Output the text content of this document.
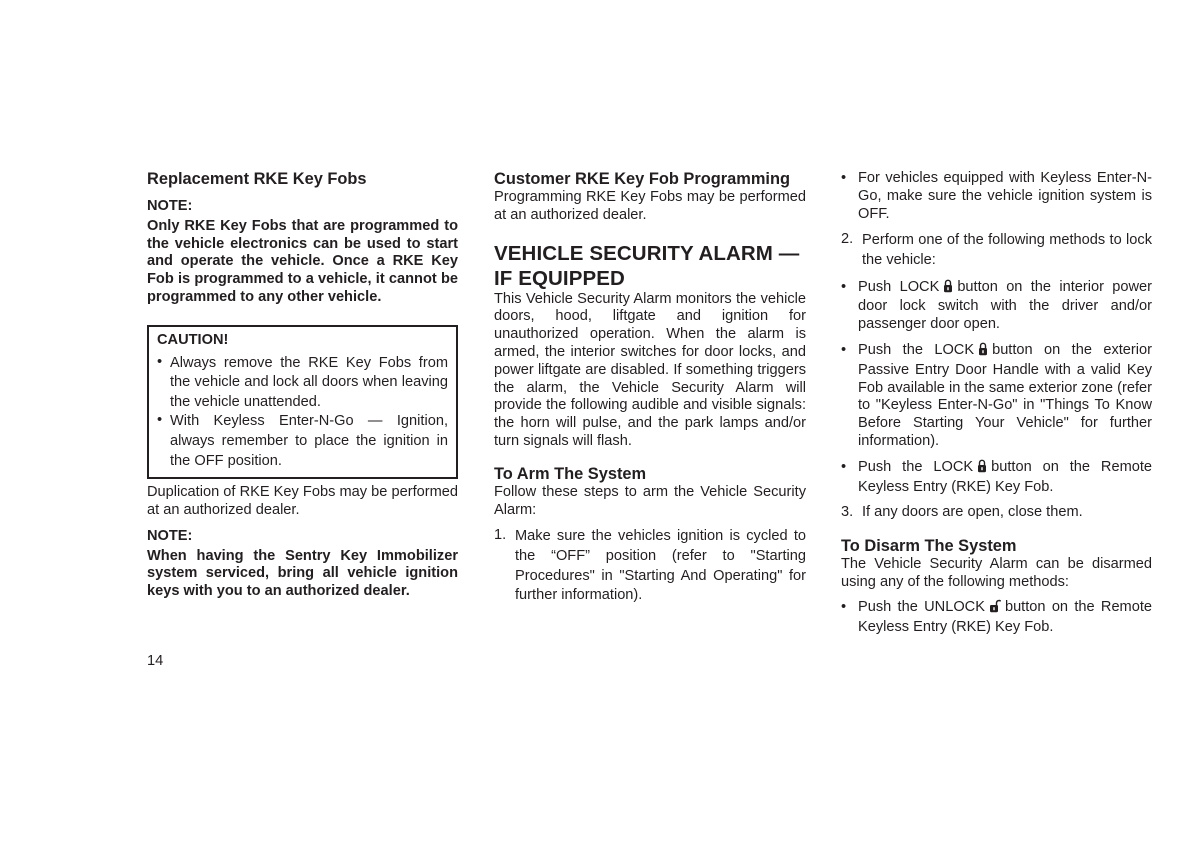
Replacement RKE Key Fobs

NOTE:

Only RKE Key Fobs that are programmed to the vehicle electronics can be used to start and operate the vehicle. Once a RKE Key Fob is programmed to a vehicle, it cannot be programmed to any other vehicle.

CAUTION!

• Always remove the RKE Key Fobs from the vehicle and lock all doors when leaving the vehicle unattended.
• With Keyless Enter-N-Go — Ignition, always remember to place the ignition in the OFF position.

Duplication of RKE Key Fobs may be performed at an authorized dealer.

NOTE:

When having the Sentry Key Immobilizer system serviced, bring all vehicle ignition keys with you to an authorized dealer.

Customer RKE Key Fob Programming

Programming RKE Key Fobs may be performed at an authorized dealer.

VEHICLE SECURITY ALARM — IF EQUIPPED

This Vehicle Security Alarm monitors the vehicle doors, hood, liftgate and ignition for unauthorized operation. When the alarm is armed, the interior switches for door locks, and power liftgate are disabled. If something triggers the alarm, the Vehicle Security Alarm will provide the following audible and visible signals: the horn will pulse, and the park lamps and/or turn signals will flash.

To Arm The System

Follow these steps to arm the Vehicle Security Alarm:

1. Make sure the vehicles ignition is cycled to the “OFF” position (refer to "Starting Procedures" in "Starting And Operating" for further information).
• For vehicles equipped with Keyless Enter-N-Go, make sure the vehicle ignition system is OFF.
2. Perform one of the following methods to lock the vehicle:
• Push LOCK button on the interior power door lock switch with the driver and/or passenger door open.
• Push the LOCK button on the exterior Passive Entry Door Handle with a valid Key Fob available in the same exterior zone (refer to "Keyless Enter-N-Go" in "Things To Know Before Starting Your Vehicle" for further information).
• Push the LOCK button on the Remote Keyless Entry (RKE) Key Fob.
3. If any doors are open, close them.
To Disarm The System

The Vehicle Security Alarm can be disarmed using any of the following methods:

• Push the UNLOCK button on the Remote Keyless Entry (RKE) Key Fob.
14
